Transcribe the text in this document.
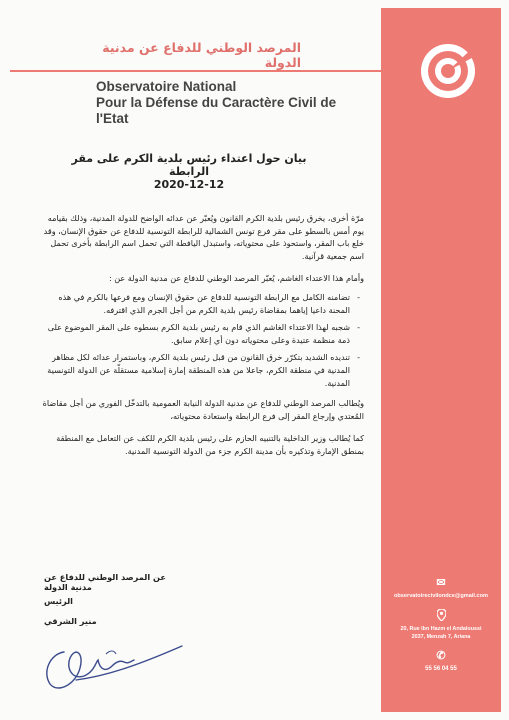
✉
observatoirecivilondce@gmail.com
20, Rue Ibn Hazm el Andaloussi
2037, Menzah 7, Ariana
✆
55 56 04 55
المرصد الوطني للدفاع عن مدنية الدولة
Observatoire National
Pour la Défense du Caractère Civil de l'Etat
بيان حول اعتداء رئيس بلدية الكرم على مقر الرابطة
2020-12-12

مرّة أخرى، يخرق رئيس بلدية الكرم القانون ويُعبّر عن عدائه الواضح للدولة المدنية، وذلك بقيامه يوم أمس بالسطو على مقر فرع تونس الشمالية للرابطة التونسية للدفاع عن حقوق الإنسان، وقد خلع باب المقر، واستحوذ على محتوياته، واستبدل اليافطة التي تحمل اسم الرابطة بأخرى تحمل اسم جمعية قرآنية.

وأمام هذا الاعتداء الغاشم، يُعبّر المرصد الوطني للدفاع عن مدنية الدولة عن :

- تضامنه الكامل مع الرابطة التونسية للدفاع عن حقوق الإنسان ومع فرعها بالكرم في هذه المحنة داعيا إياهما بمقاضاة رئيس بلدية الكرم من أجل الجرم الذي اقترفه.
- شجبه لهذا الاعتداء الغاشم الذي قام به رئيس بلدية الكرم بسطوه على المقر الموضوع على ذمة منظمة عتيدة وعلى محتوياته دون أي إعلام سابق.
- تنديده الشديد بتكرّر خرق القانون من قبل رئيس بلدية الكرم، وباستمرار عدائه لكل مظاهر المدنية في منطقة الكرم، جاعلا من هذه المنطقة إمارة إسلامية مستقلّة عن الدولة التونسية المدنية.

ويُطالب المرصد الوطني للدفاع عن مدنية الدولة النيابة العمومية بالتدخّل الفوري من أجل مقاضاة المُعتدي وإرجاع المقر إلى فرع الرابطة واستعادة محتوياته،

كما يُطالب وزير الداخلية بالتنبيه الحازم على رئيس بلدية الكرم للكف عن التعامل مع المنطقة بمنطق الإمارة وتذكيره بأن مدينة الكرم جزء من الدولة التونسية المدنية.

عن المرصد الوطني للدفاع عن مدنية الدولة
الرئيس
منير الشرقي
